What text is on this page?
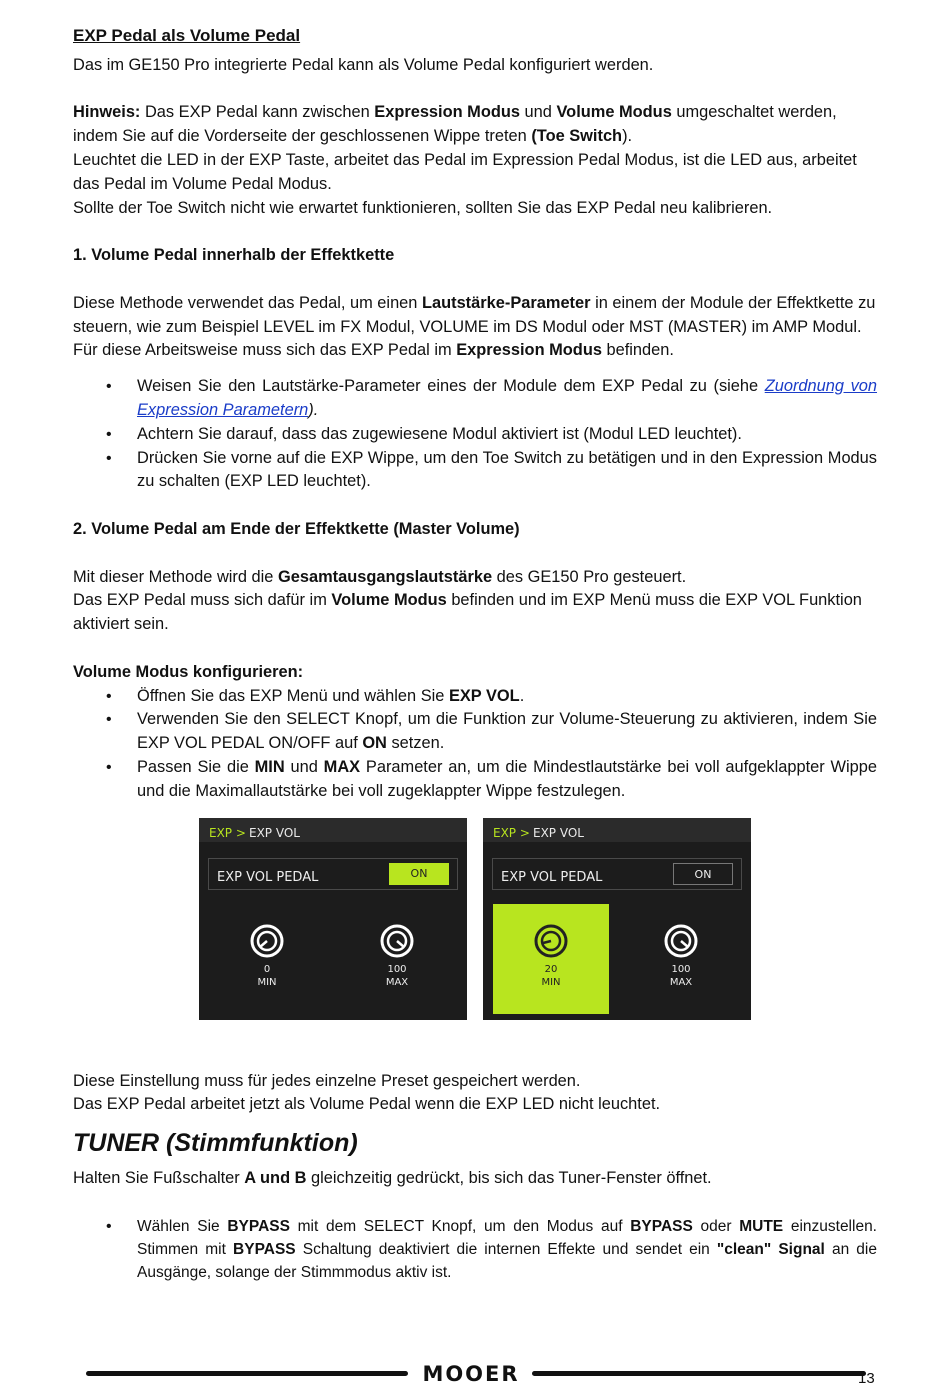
EXP Pedal als Volume Pedal

Das im GE150 Pro integrierte Pedal kann als Volume Pedal konfiguriert werden.

Hinweis: Das EXP Pedal kann zwischen Expression Modus und Volume Modus umgeschaltet werden, indem Sie auf die Vorderseite der geschlossenen Wippe treten (Toe Switch).

Leuchtet die LED in der EXP Taste, arbeitet das Pedal im Expression Pedal Modus, ist die LED aus, arbeitet das Pedal im Volume Pedal Modus.

Sollte der Toe Switch nicht wie erwartet funktionieren, sollten Sie das EXP Pedal neu kalibrieren.

1. Volume Pedal innerhalb der Effektkette

Diese Methode verwendet das Pedal, um einen Lautstärke-Parameter in einem der Module der Effektkette zu steuern, wie zum Beispiel LEVEL im FX Modul, VOLUME im DS Modul oder MST (MASTER) im AMP Modul.

Für diese Arbeitsweise muss sich das EXP Pedal im Expression Modus befinden.

• Weisen Sie den Lautstärke-Parameter eines der Module dem EXP Pedal zu (siehe Zuordnung von Expression Parametern).
• Achtern Sie darauf, dass das zugewiesene Modul aktiviert ist (Modul LED leuchtet).
• Drücken Sie vorne auf die EXP Wippe, um den Toe Switch zu betätigen und in den Expression Modus zu schalten (EXP LED leuchtet).

2. Volume Pedal am Ende der Effektkette (Master Volume)

Mit dieser Methode wird die Gesamtausgangslautstärke des GE150 Pro gesteuert.

Das EXP Pedal muss sich dafür im Volume Modus befinden und im EXP Menü muss die EXP VOL Funktion aktiviert sein.

Volume Modus konfigurieren:

• Öffnen Sie das EXP Menü und wählen Sie EXP VOL.
• Verwenden Sie den SELECT Knopf, um die Funktion zur Volume-Steuerung zu aktivieren, indem Sie EXP VOL PEDAL ON/OFF auf ON setzen.
• Passen Sie die MIN und MAX Parameter an, um die Mindestlautstärke bei voll aufgeklappter Wippe und die Maximallautstärke bei voll zugeklappter Wippe festzulegen.
EXP > EXP VOL
EXP VOL PEDAL	ON
0
MIN
100
MAX
EXP > EXP VOL
EXP VOL PEDAL	ON
20
MIN
100
MAX

Diese Einstellung muss für jedes einzelne Preset gespeichert werden.

Das EXP Pedal arbeitet jetzt als Volume Pedal wenn die EXP LED nicht leuchtet.

TUNER (Stimmfunktion)

Halten Sie Fußschalter A und B gleichzeitig gedrückt, bis sich das Tuner-Fenster öffnet.

• Wählen Sie BYPASS mit dem SELECT Knopf, um den Modus auf BYPASS oder MUTE einzustellen. Stimmen mit BYPASS Schaltung deaktiviert die internen Effekte und sendet ein "clean" Signal an die Ausgänge, solange der Stimmmodus aktiv ist.
MOOER	13
